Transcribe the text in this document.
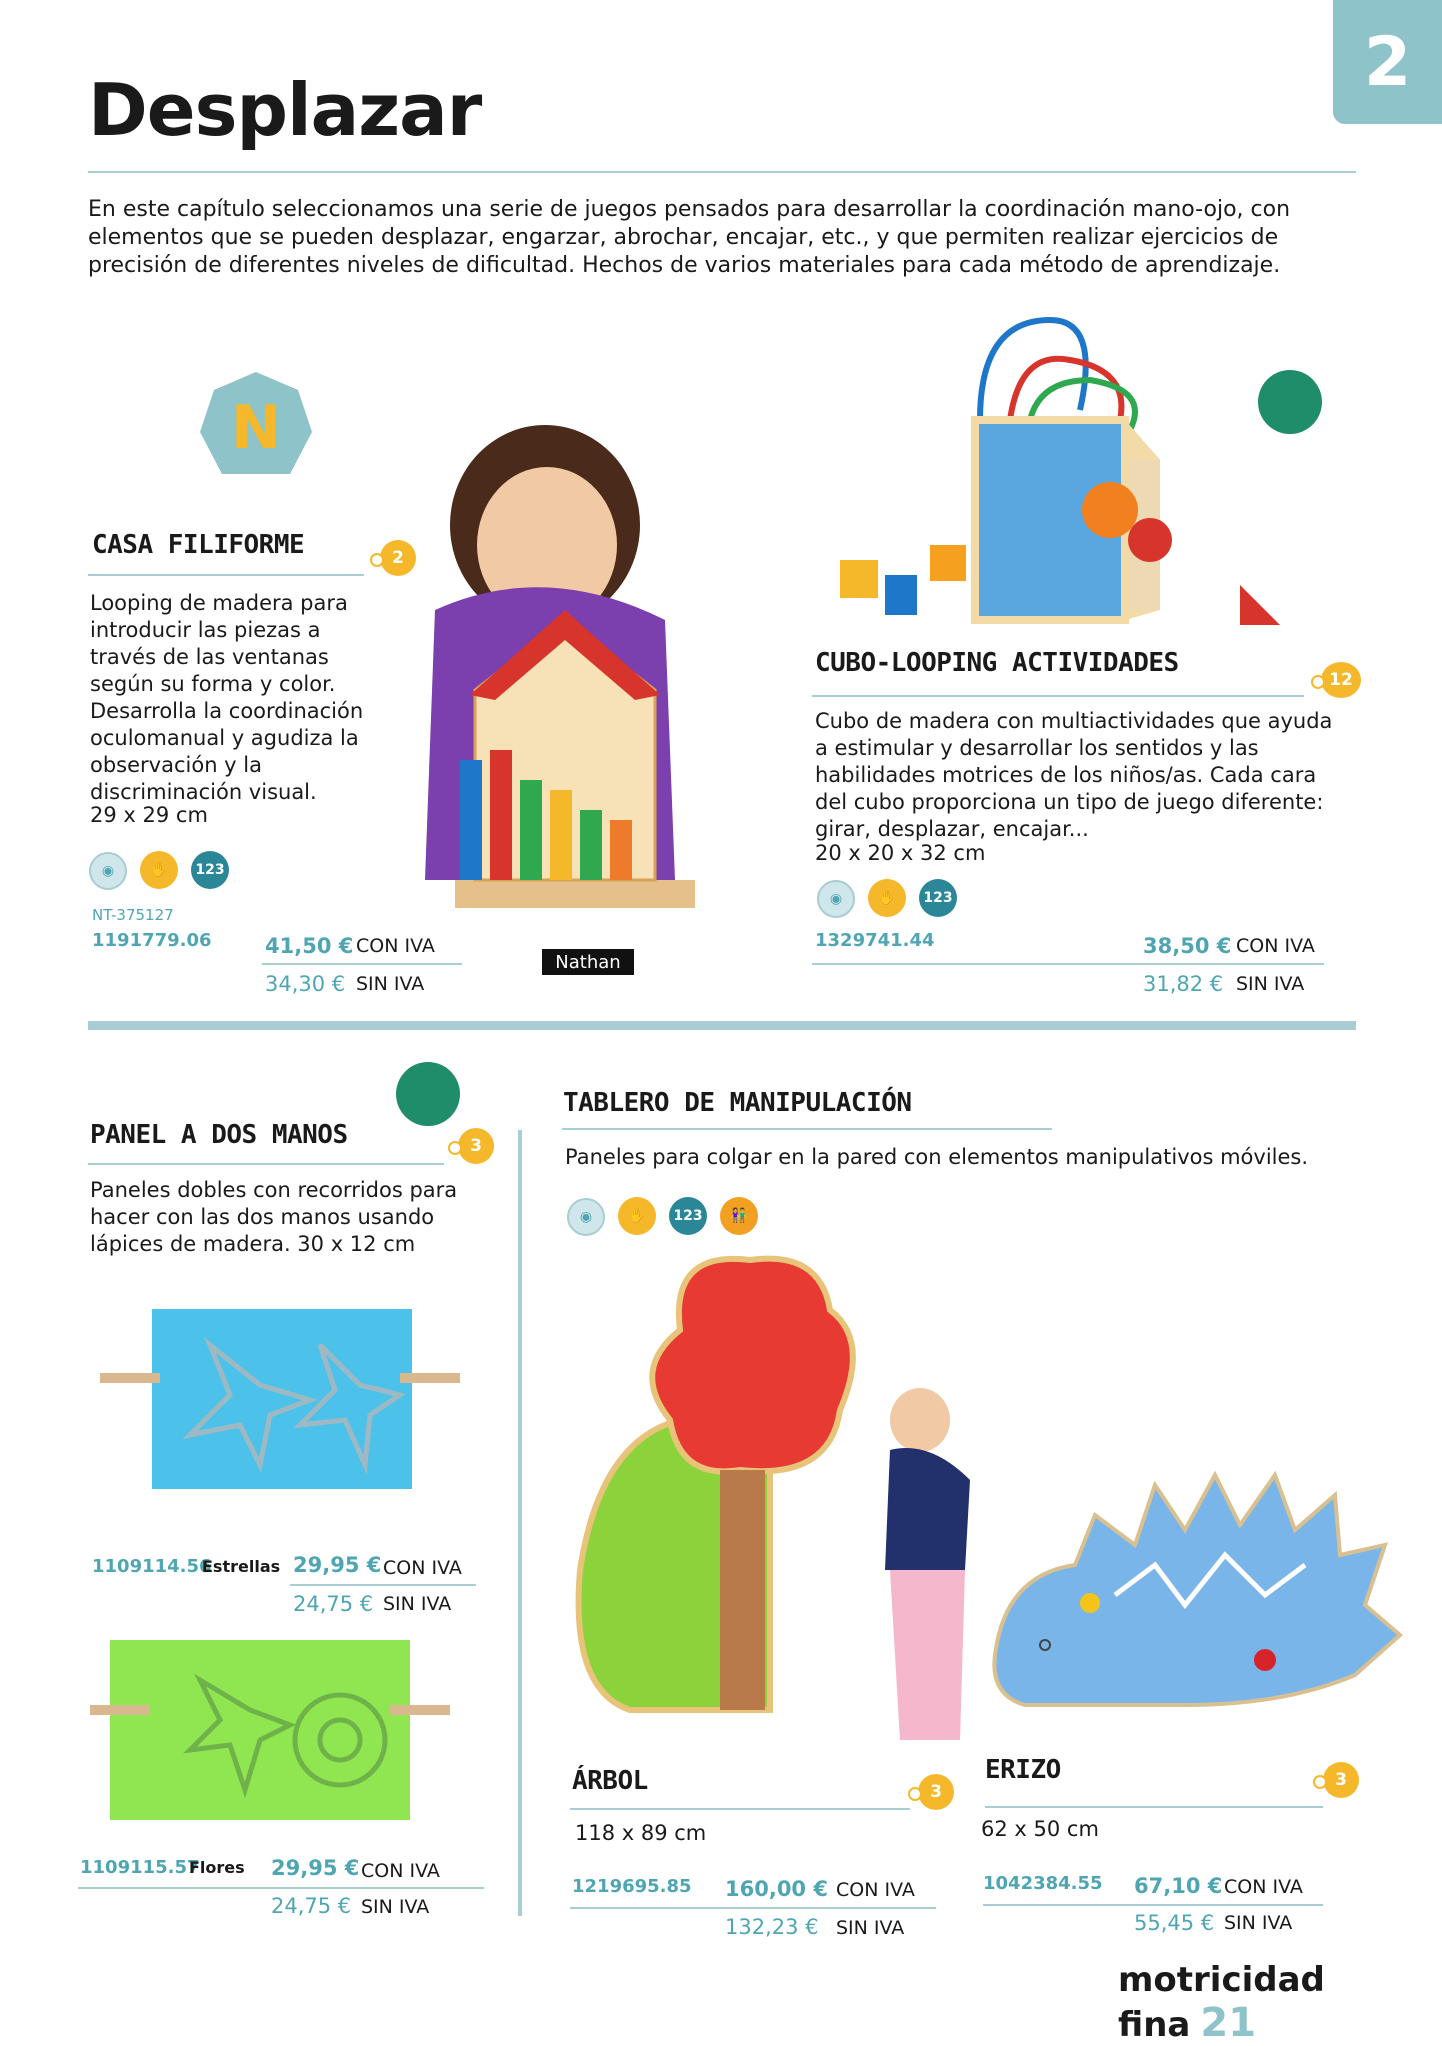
2
Desplazar

En este capítulo seleccionamos una serie de juegos pensados para desarrollar la coordinación mano-ojo, con elementos que se pueden desplazar, engarzar, abrochar, encajar, etc., y que permiten realizar ejercicios de precisión de diferentes niveles de dificultad. Hechos de varios materiales para cada método de aprendizaje.

N
CASA FILIFORME	2

Looping de madera para introducir las piezas a través de las ventanas según su forma y color. Desarrolla la coordinación oculomanual y agudiza la observación y la discriminación visual.

29 x 29 cm

◉	✋	123
NT-375127
1191779.06	41,50 € CON IVA
34,30 € SIN IVA
Nathan
CUBO-LOOPING ACTIVIDADES
12

Cubo de madera con multiactividades que ayuda a estimular y desarrollar los sentidos y las habilidades motrices de los niños/as. Cada cara del cubo proporciona un tipo de juego diferente: girar, desplazar, encajar...

20 x 20 x 32 cm

◉	✋	123
1329741.44	38,50 € CON IVA
31,82 € SIN IVA
PANEL A DOS MANOS	3

Paneles dobles con recorridos para hacer con las dos manos usando lápices de madera. 30 x 12 cm

1109114.56
Estrellas 29,95 € CON IVA
24,75 € SIN IVA
1109115.57
Flores 29,95 € CON IVA
24,75 € SIN IVA
TABLERO DE MANIPULACIÓN

Paneles para colgar en la pared con elementos manipulativos móviles.

◉	✋	123	👫
ÁRBOL	3

118 x 89 cm

1219695.85 160,00 € CON IVA
132,23 € SIN IVA
ERIZO	3

62 x 50 cm

1042384.55 67,10 € CON IVA
55,45 € SIN IVA
motricidad fina 21
